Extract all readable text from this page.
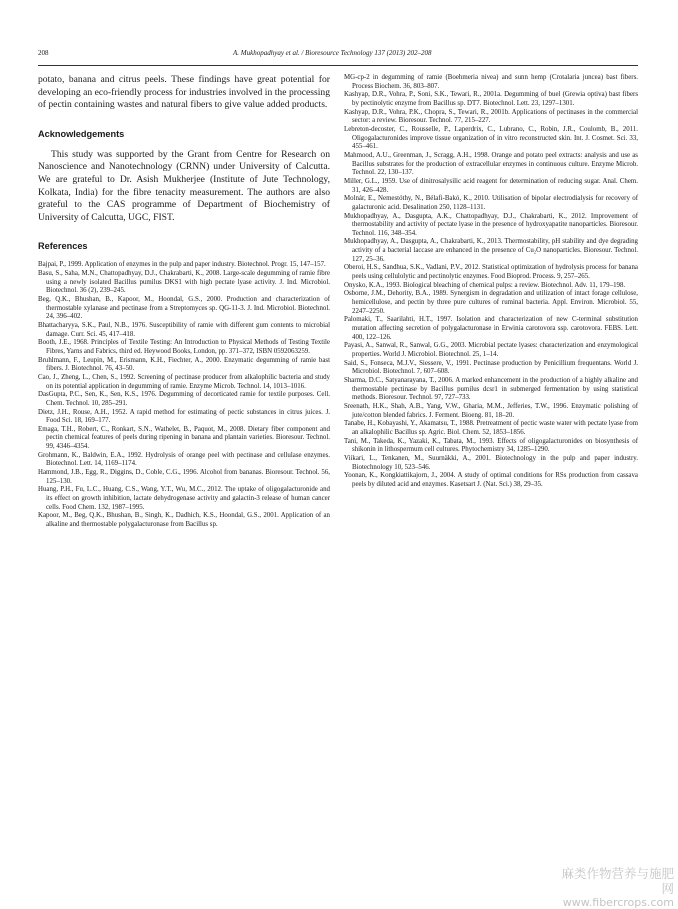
208	A. Mukhopadhyay et al. / Bioresource Technology 137 (2013) 202–208

potato, banana and citrus peels. These findings have great potential for developing an eco-friendly process for industries involved in the processing of pectin containing wastes and natural fibers to give value added products.

Acknowledgements

This study was supported by the Grant from Centre for Research on Nanoscience and Nanotechnology (CRNN) under University of Calcutta. We are grateful to Dr. Asish Mukherjee (Institute of Jute Technology, Kolkata, India) for the fibre tenacity measurement. The authors are also grateful to the CAS programme of Department of Biochemistry of University of Calcutta, UGC, FIST.

References
Bajpai, P., 1999. Application of enzymes in the pulp and paper industry. Biotechnol. Progr. 15, 147–157.
Basu, S., Saha, M.N., Chattopadhyay, D.J., Chakrabarti, K., 2008. Large-scale degumming of ramie fibre using a newly isolated Bacillus pumilus DKS1 with high pectate lyase activity. J. Ind. Microbiol. Biotechnol. 36 (2), 239–245.
Beg, Q.K., Bhushan, B., Kapoor, M., Hoondal, G.S., 2000. Production and characterization of thermostable xylanase and pectinase from a Streptomyces sp. QG-11-3. J. Ind. Microbiol. Biotechnol. 24, 396–402.
Bhattacharyya, S.K., Paul, N.B., 1976. Susceptibility of ramie with different gum contents to microbial damage. Curr. Sci. 45, 417–418.
Booth, J.E., 1968. Principles of Textile Testing: An Introduction to Physical Methods of Testing Textile Fibres, Yarns and Fabrics, third ed. Heywood Books, London, pp. 371–372, ISBN 0592063259.
Bruhlmann, F., Leupin, M., Erismann, K.H., Fiechter, A., 2000. Enzymatic degumming of ramie bast fibers. J. Biotechnol. 76, 43–50.
Cao, J., Zheng, L., Chen, S., 1992. Screening of pectinase producer from alkalophilic bacteria and study on its potential application in degumming of ramie. Enzyme Microb. Technol. 14, 1013–1016.
DasGupta, P.C., Sen, K., Sen, K.S., 1976. Degumming of decorticated ramie for textile purposes. Cell. Chem. Technol. 10, 285–291.
Dietz, J.H., Rouse, A.H., 1952. A rapid method for estimating of pectic substances in citrus juices. J. Food Sci. 18, 169–177.
Emaga, T.H., Robert, C., Ronkart, S.N., Wathelet, B., Paquot, M., 2008. Dietary fiber component and pectin chemical features of peels during ripening in banana and plantain varieties. Bioresour. Technol. 99, 4346–4354.
Grohmann, K., Baldwin, E.A., 1992. Hydrolysis of orange peel with pectinase and cellulase enzymes. Biotechnol. Lett. 14, 1169–1174.
Hammond, J.B., Egg, R., Diggins, D., Coble, C.G., 1996. Alcohol from bananas. Bioresour. Technol. 56, 125–130.
Huang, P.H., Fu, L.C., Huang, C.S., Wang, Y.T., Wu, M.C., 2012. The uptake of oligogalacturonide and its effect on growth inhibition, lactate dehydrogenase activity and galactin-3 release of human cancer cells. Food Chem. 132, 1987–1995.
Kapoor, M., Beg, Q.K., Bhushan, B., Singh, K., Dadhich, K.S., Hoondal, G.S., 2001. Application of an alkaline and thermostable polygalacturonase from Bacillus sp.
MG-cp-2 in degumming of ramie (Boehmeria nivea) and sunn hemp (Crotalaria juncea) bast fibers. Process Biochem. 36, 803–807.
Kashyap, D.R., Vohra, P., Soni, S.K., Tewari, R., 2001a. Degumming of buel (Grewia optiva) bast fibers by pectinolytic enzyme from Bacillus sp. DT7. Biotechnol. Lett. 23, 1297–1301.
Kashyap, D.R., Vohra, P.K., Chopra, S., Tewari, R., 2001b. Applications of pectinases in the commercial sector: a review. Bioresour. Technol. 77, 215–227.
Lebreton-decoster, C., Rousselle, P., Laperdrix, C., Lubrano, C., Robin, J.R., Coulomb, B., 2011. Oligogalacturonides improve tissue organization of in vitro reconstructed skin. Int. J. Cosmet. Sci. 33, 455–461.
Mahmood, A.U., Greenman, J., Scragg, A.H., 1998. Orange and potato peel extracts: analysis and use as Bacillus substrates for the production of extracellular enzymes in continuous culture. Enzyme Microb. Technol. 22, 130–137.
Miller, G.L., 1959. Use of dinitrosalysilic acid reagent for determination of reducing sugar. Anal. Chem. 31, 426–428.
Molnár, E., Nemestóthy, N., Bélafi-Bakó, K., 2010. Utilisation of bipolar electrodialysis for recovery of galacturonic acid. Desalination 250, 1128–1131.
Mukhopadhyay, A., Dasgupta, A.K., Chattopadhyay, D.J., Chakrabarti, K., 2012. Improvement of thermostability and activity of pectate lyase in the presence of hydroxyapatite nanoparticles. Bioresour. Technol. 116, 348–354.
Mukhopadhyay, A., Dasgupta, A., Chakrabarti, K., 2013. Thermostability, pH stability and dye degrading activity of a bacterial laccase are enhanced in the presence of Cu₂O nanoparticles. Bioresour. Technol. 127, 25–36.
Oberoi, H.S., Sandhua, S.K., Vadlani, P.V., 2012. Statistical optimization of hydrolysis process for banana peels using cellulolytic and pectinolytic enzymes. Food Bioprod. Process. 9, 257–265.
Onysko, K.A., 1993. Biological bleaching of chemical pulps: a review. Biotechnol. Adv. 11, 179–198.
Osborne, J.M., Dehority, B.A., 1989. Synergism in degradation and utilization of intact forage cellulose, hemicellulose, and pectin by three pure cultures of ruminal bacteria. Appl. Environ. Microbiol. 55, 2247–2250.
Palomaki, T., Saarilahti, H.T., 1997. Isolation and characterization of new C-terminal substitution mutation affecting secretion of polygalacturonase in Erwinia carotovora ssp. carotovora. FEBS. Lett. 400, 122–126.
Payasi, A., Sanwal, R., Sanwal, G.G., 2003. Microbial pectate lyases: characterization and enzymological properties. World J. Microbiol. Biotechnol. 25, 1–14.
Said, S., Fonseca, M.J.V., Siessere, V., 1991. Pectinase production by Penicillium frequentans. World J. Microbiol. Biotechnol. 7, 607–608.
Sharma, D.C., Satyanarayana, T., 2006. A marked enhancement in the production of a highly alkaline and thermostable pectinase by Bacillus pumilus dcsr1 in submerged fermentation by using statistical methods. Bioresour. Technol. 97, 727–733.
Sreenath, H.K., Shah, A.B., Yang, V.W., Gharia, M.M., Jefferies, T.W., 1996. Enzymatic polishing of jute/cotton blended fabrics. J. Ferment. Bioeng. 81, 18–20.
Tanabe, H., Kobayashi, Y., Akamatsu, T., 1988. Pretreatment of pectic waste water with pectate lyase from an alkalophilic Bacillus sp. Agric. Biol. Chem. 52, 1853–1856.
Tani, M., Takeda, K., Yazaki, K., Tabata, M., 1993. Effects of oligogalacturonides on biosynthesis of shikonin in lithospermum cell cultures. Phytochemistry 34, 1285–1290.
Viikari, L., Tenkanen, M., Suurnäkki, A., 2001. Biotechnology in the pulp and paper industry. Biotechnology 10, 523–546.
Yoonan, K., Kongkiattikajorn, J., 2004. A study of optimal conditions for RSs production from cassava peels by diluted acid and enzymes. Kasetsart J. (Nat. Sci.) 38, 29–35.
麻类作物营养与施肥网
www.fibercrops.com
